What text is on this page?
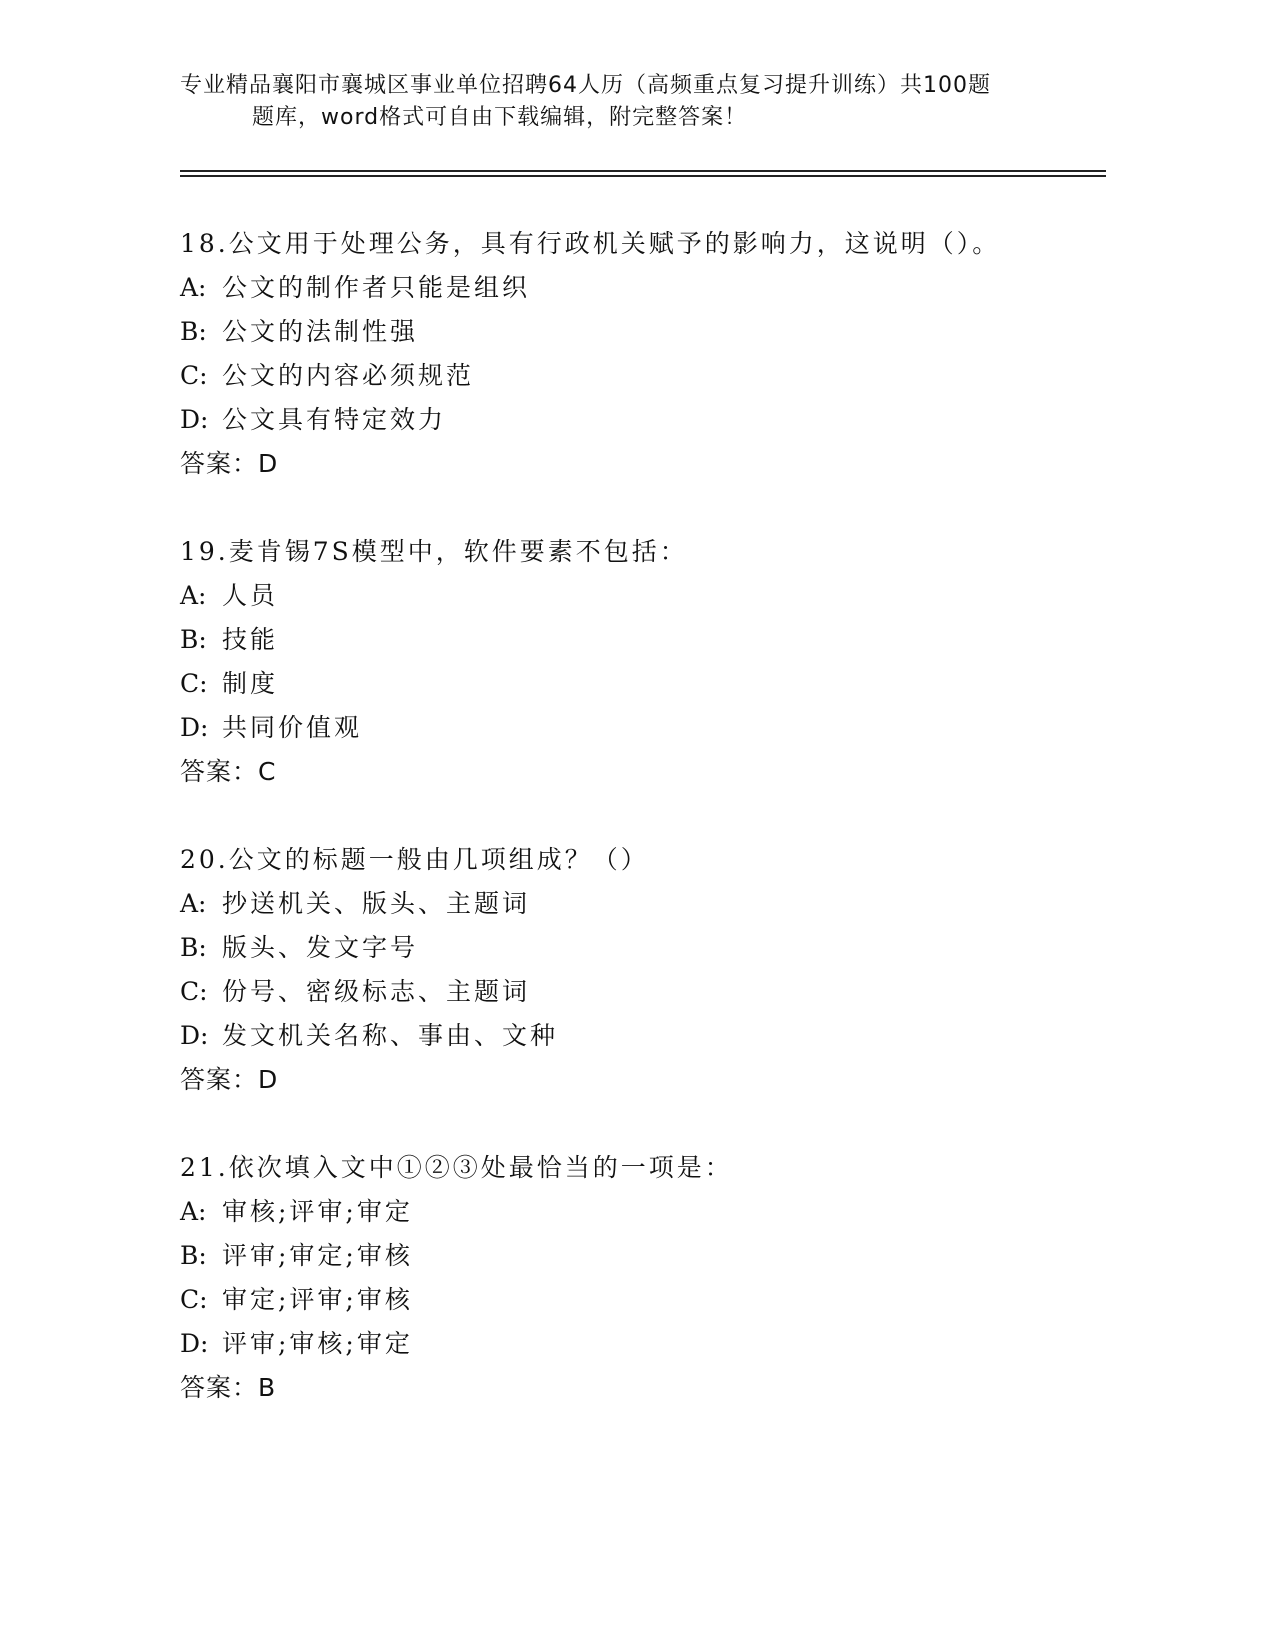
专业精品襄阳市襄城区事业单位招聘64人历（高频重点复习提升训练）共100题
题库，word格式可自由下载编辑，附完整答案！
18.公文用于处理公务，具有行政机关赋予的影响力，这说明（）。
A: 公文的制作者只能是组织
B: 公文的法制性强
C: 公文的内容必须规范
D: 公文具有特定效力
答案：D
19.麦肯锡7S模型中，软件要素不包括：
A: 人员
B: 技能
C: 制度
D: 共同价值观
答案：C
20.公文的标题一般由几项组成？（）
A: 抄送机关、版头、主题词
B: 版头、发文字号
C: 份号、密级标志、主题词
D: 发文机关名称、事由、文种
答案：D
21.依次填入文中①②③处最恰当的一项是：
A: 审核;评审;审定
B: 评审;审定;审核
C: 审定;评审;审核
D: 评审;审核;审定
答案：B
